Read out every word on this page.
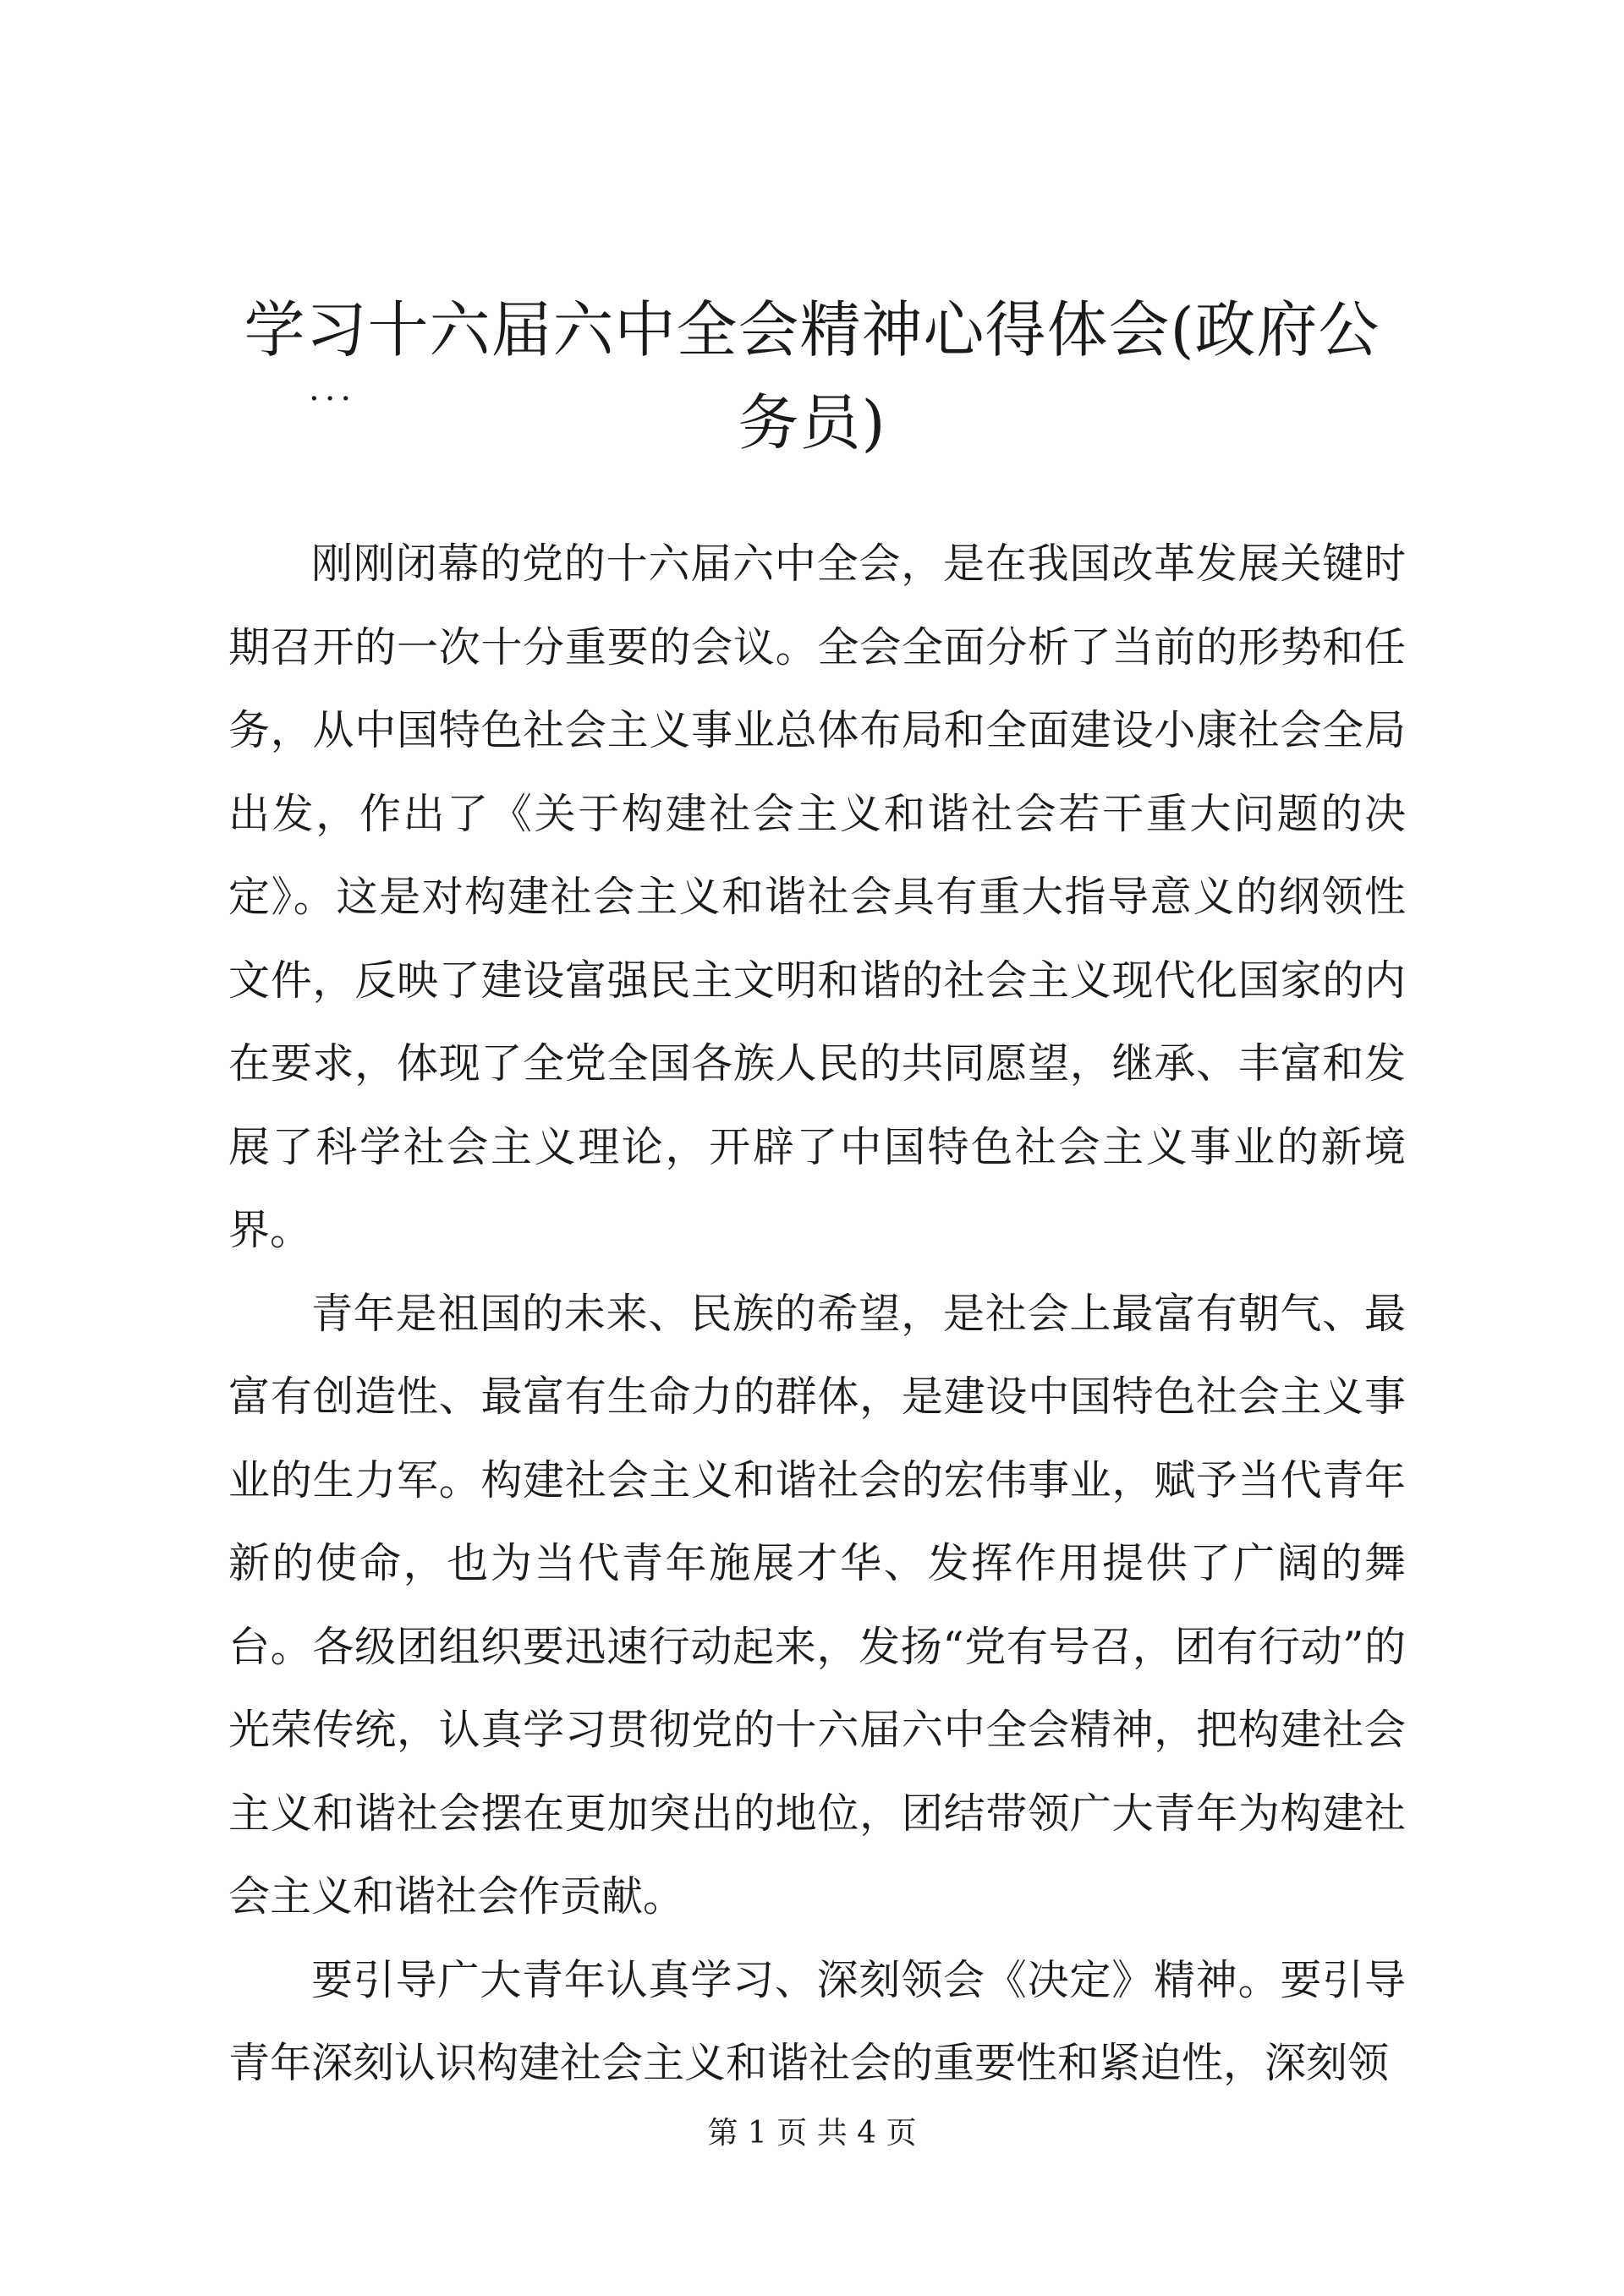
学习十六届六中全会精神心得体会(政府公务员)

...

刚刚闭幕的党的十六届六中全会，是在我国改革发展关键时期召开的一次十分重要的会议。全会全面分析了当前的形势和任务，从中国特色社会主义事业总体布局和全面建设小康社会全局出发，作出了《关于构建社会主义和谐社会若干重大问题的决定》。这是对构建社会主义和谐社会具有重大指导意义的纲领性文件，反映了建设富强民主文明和谐的社会主义现代化国家的内在要求，体现了全党全国各族人民的共同愿望，继承、丰富和发展了科学社会主义理论，开辟了中国特色社会主义事业的新境界。

青年是祖国的未来、民族的希望，是社会上最富有朝气、最富有创造性、最富有生命力的群体，是建设中国特色社会主义事业的生力军。构建社会主义和谐社会的宏伟事业，赋予当代青年新的使命，也为当代青年施展才华、发挥作用提供了广阔的舞台。各级团组织要迅速行动起来，发扬“党有号召，团有行动”的光荣传统，认真学习贯彻党的十六届六中全会精神，把构建社会主义和谐社会摆在更加突出的地位，团结带领广大青年为构建社会主义和谐社会作贡献。

要引导广大青年认真学习、深刻领会《决定》精神。要引导青年深刻认识构建社会主义和谐社会的重要性和紧迫性，深刻领

第 1 页 共 4 页
